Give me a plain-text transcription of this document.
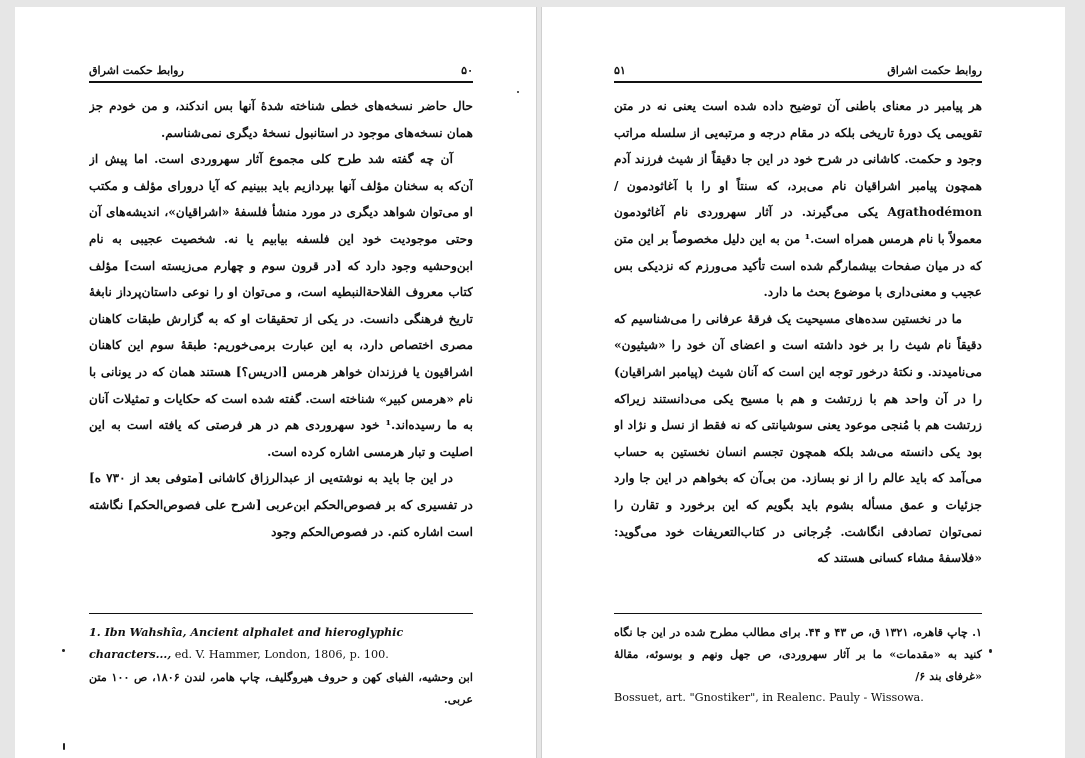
روابط حکمت اشراق	۵۰

حال حاضر نسخه‌های خطی شناخته شدهٔ آنها بس اندکند، و من خودم جز همان نسخه‌های موجود در استانبول نسخهٔ دیگری نمی‌شناسم.

آن چه گفته شد طرح کلی مجموع آثار سهروردی است. اما پیش از آن‌که به سخنان مؤلف آنها بپردازیم باید ببینیم که آیا درورای مؤلف و مکتب او می‌توان شواهد دیگری در مورد منشأ فلسفهٔ «اشراقیان»، اندیشه‌های آن وحتی موجودیت خود این فلسفه بیابیم یا نه. شخصیت عجیبی به نام ابن‌وحشیه وجود دارد که [در قرون سوم و چهارم می‌زیسته است] مؤلف کتاب معروف الفلاحة‌النبطیه است، و می‌توان او را نوعی داستان‌پرداز نابغهٔ تاریخ فرهنگی دانست. در یکی از تحقیقات او که به گزارش طبقات کاهنان مصری اختصاص دارد، به این عبارت برمی‌خوریم: طبقهٔ سوم این کاهنان اشراقیون یا فرزندان خواهر هرمس [ادریس؟] هستند همان که در یونانی با نام «هرمس کبیر» شناخته است. گفته شده است که حکایات و تمثیلات آنان به ما رسیده‌اند.¹ خود سهروردی هم در هر فرصتی که یافته است به این اصلیت و تبار هرمسی اشاره کرده است.

در این جا باید به نوشته‌یی از عبدالرزاق کاشانی [متوفی بعد از ۷۳۰ ه] در تفسیری که بر فصوص‌الحکم ابن‌عربی [شرح علی فصوص‌الحکم] نگاشته است اشاره کنم. در فصوص‌الحکم وجود

1. Ibn Wahshîa, Ancient alphalet and hieroglyphic characters..., ed. V. Hammer, London, 1806, p. 100.
ابن وحشیه، الفبای کهن و حروف هیروگلیف، چاپ هامر، لندن ۱۸۰۶، ص ۱۰۰ متن عربی.
روابط حکمت اشراق
۵۱

هر پیامبر در معنای باطنی آن توضیح داده شده است یعنی نه در متن تقویمی یک دورهٔ تاریخی بلکه در مقام درجه و مرتبه‌یی از سلسله مراتب وجود و حکمت. کاشانی در شرح خود در این جا دقیقاً از شیث فرزند آدم همچون پیامبر اشراقیان نام می‌برد، که سنتاً او را با آغاثودمون / Agathodémon یکی می‌گیرند. در آثار سهروردی نام آغاثودمون معمولاً با نام هرمس همراه است.¹ من به این دلیل مخصوصاً بر این متن که در میان صفحات بیشمارگم شده است تأکید می‌ورزم که نزدیکی بس عجیب و معنی‌داری با موضوع بحث ما دارد.

ما در نخستین سده‌های مسیحیت یک فرقهٔ عرفانی را می‌شناسیم که دقیقاً نام شیث را بر خود داشته است و اعضای آن خود را «شیثیون» می‌نامیدند. و نکتهٔ درخور توجه این است که آنان شیث (پیامبر اشراقیان) را در آن واحد هم با زرتشت و هم با مسیح یکی می‌دانستند زیراکه زرتشت هم با مُنجی موعود یعنی سوشیانتی که نه فقط از نسل و نژاد او بود یکی دانسته می‌شد بلکه همچون تجسم انسان نخستین به حساب می‌آمد که باید عالم را از نو بسازد. من بی‌آن که بخواهم در این جا وارد جزئیات و عمق مسأله بشوم باید بگویم که این برخورد و تقارن را نمی‌توان تصادفی انگاشت. جُرجانی در کتاب‌التعریفات خود می‌گوید: «فلاسفهٔ مشاء کسانی هستند که

۱. چاپ قاهره، ۱۳۲۱ ق، ص ۴۳ و ۴۴. برای مطالب مطرح شده در این جا نگاه کنید به «مقدمات» ما بر آثار سهروردی، ص جهل ونهم و بوسوئه، مقالهٔ «غرفای بند ۶/
Bossuet, art. "Gnostiker", in Realenc. Pauly - Wissowa.
